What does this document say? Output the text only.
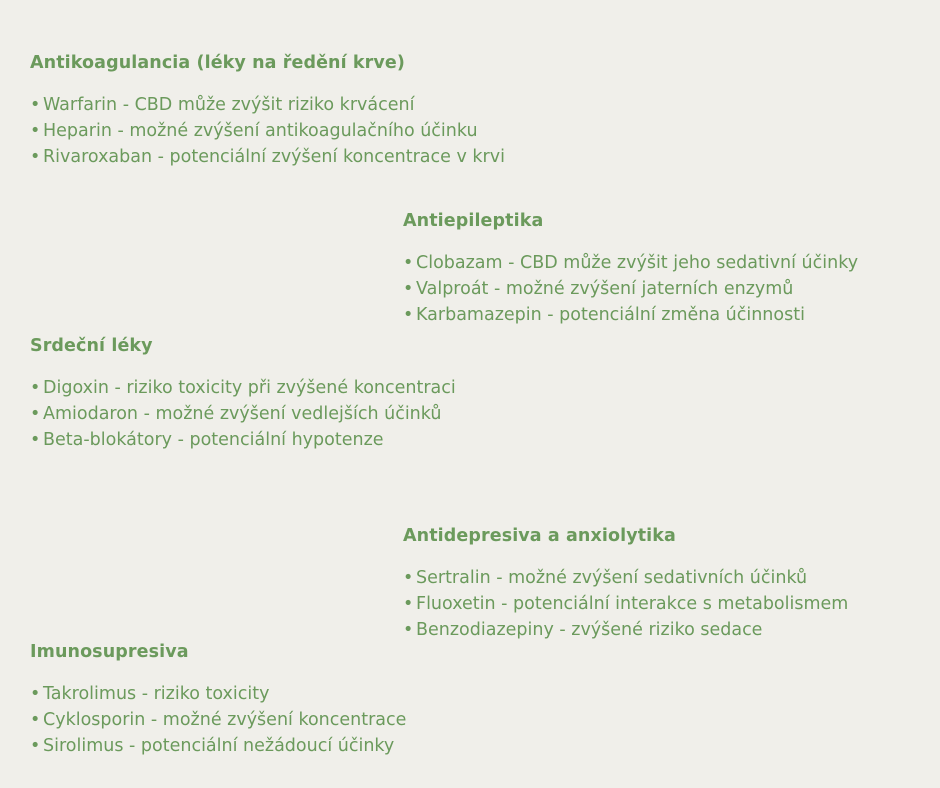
Antikoagulancia (léky na ředění krve)
• Warfarin - CBD může zvýšit riziko krvácení
• Heparin - možné zvýšení antikoagulačního účinku
• Rivaroxaban - potenciální zvýšení koncentrace v krvi
Antiepileptika
• Clobazam - CBD může zvýšit jeho sedativní účinky
• Valproát - možné zvýšení jaterních enzymů
• Karbamazepin - potenciální změna účinnosti
Srdeční léky
• Digoxin - riziko toxicity při zvýšené koncentraci
• Amiodaron - možné zvýšení vedlejších účinků
• Beta-blokátory - potenciální hypotenze
Antidepresiva a anxiolytika
• Sertralin - možné zvýšení sedativních účinků
• Fluoxetin - potenciální interakce s metabolismem
• Benzodiazepiny - zvýšené riziko sedace
Imunosupresiva
• Takrolimus - riziko toxicity
• Cyklosporin - možné zvýšení koncentrace
• Sirolimus - potenciální nežádoucí účinky
